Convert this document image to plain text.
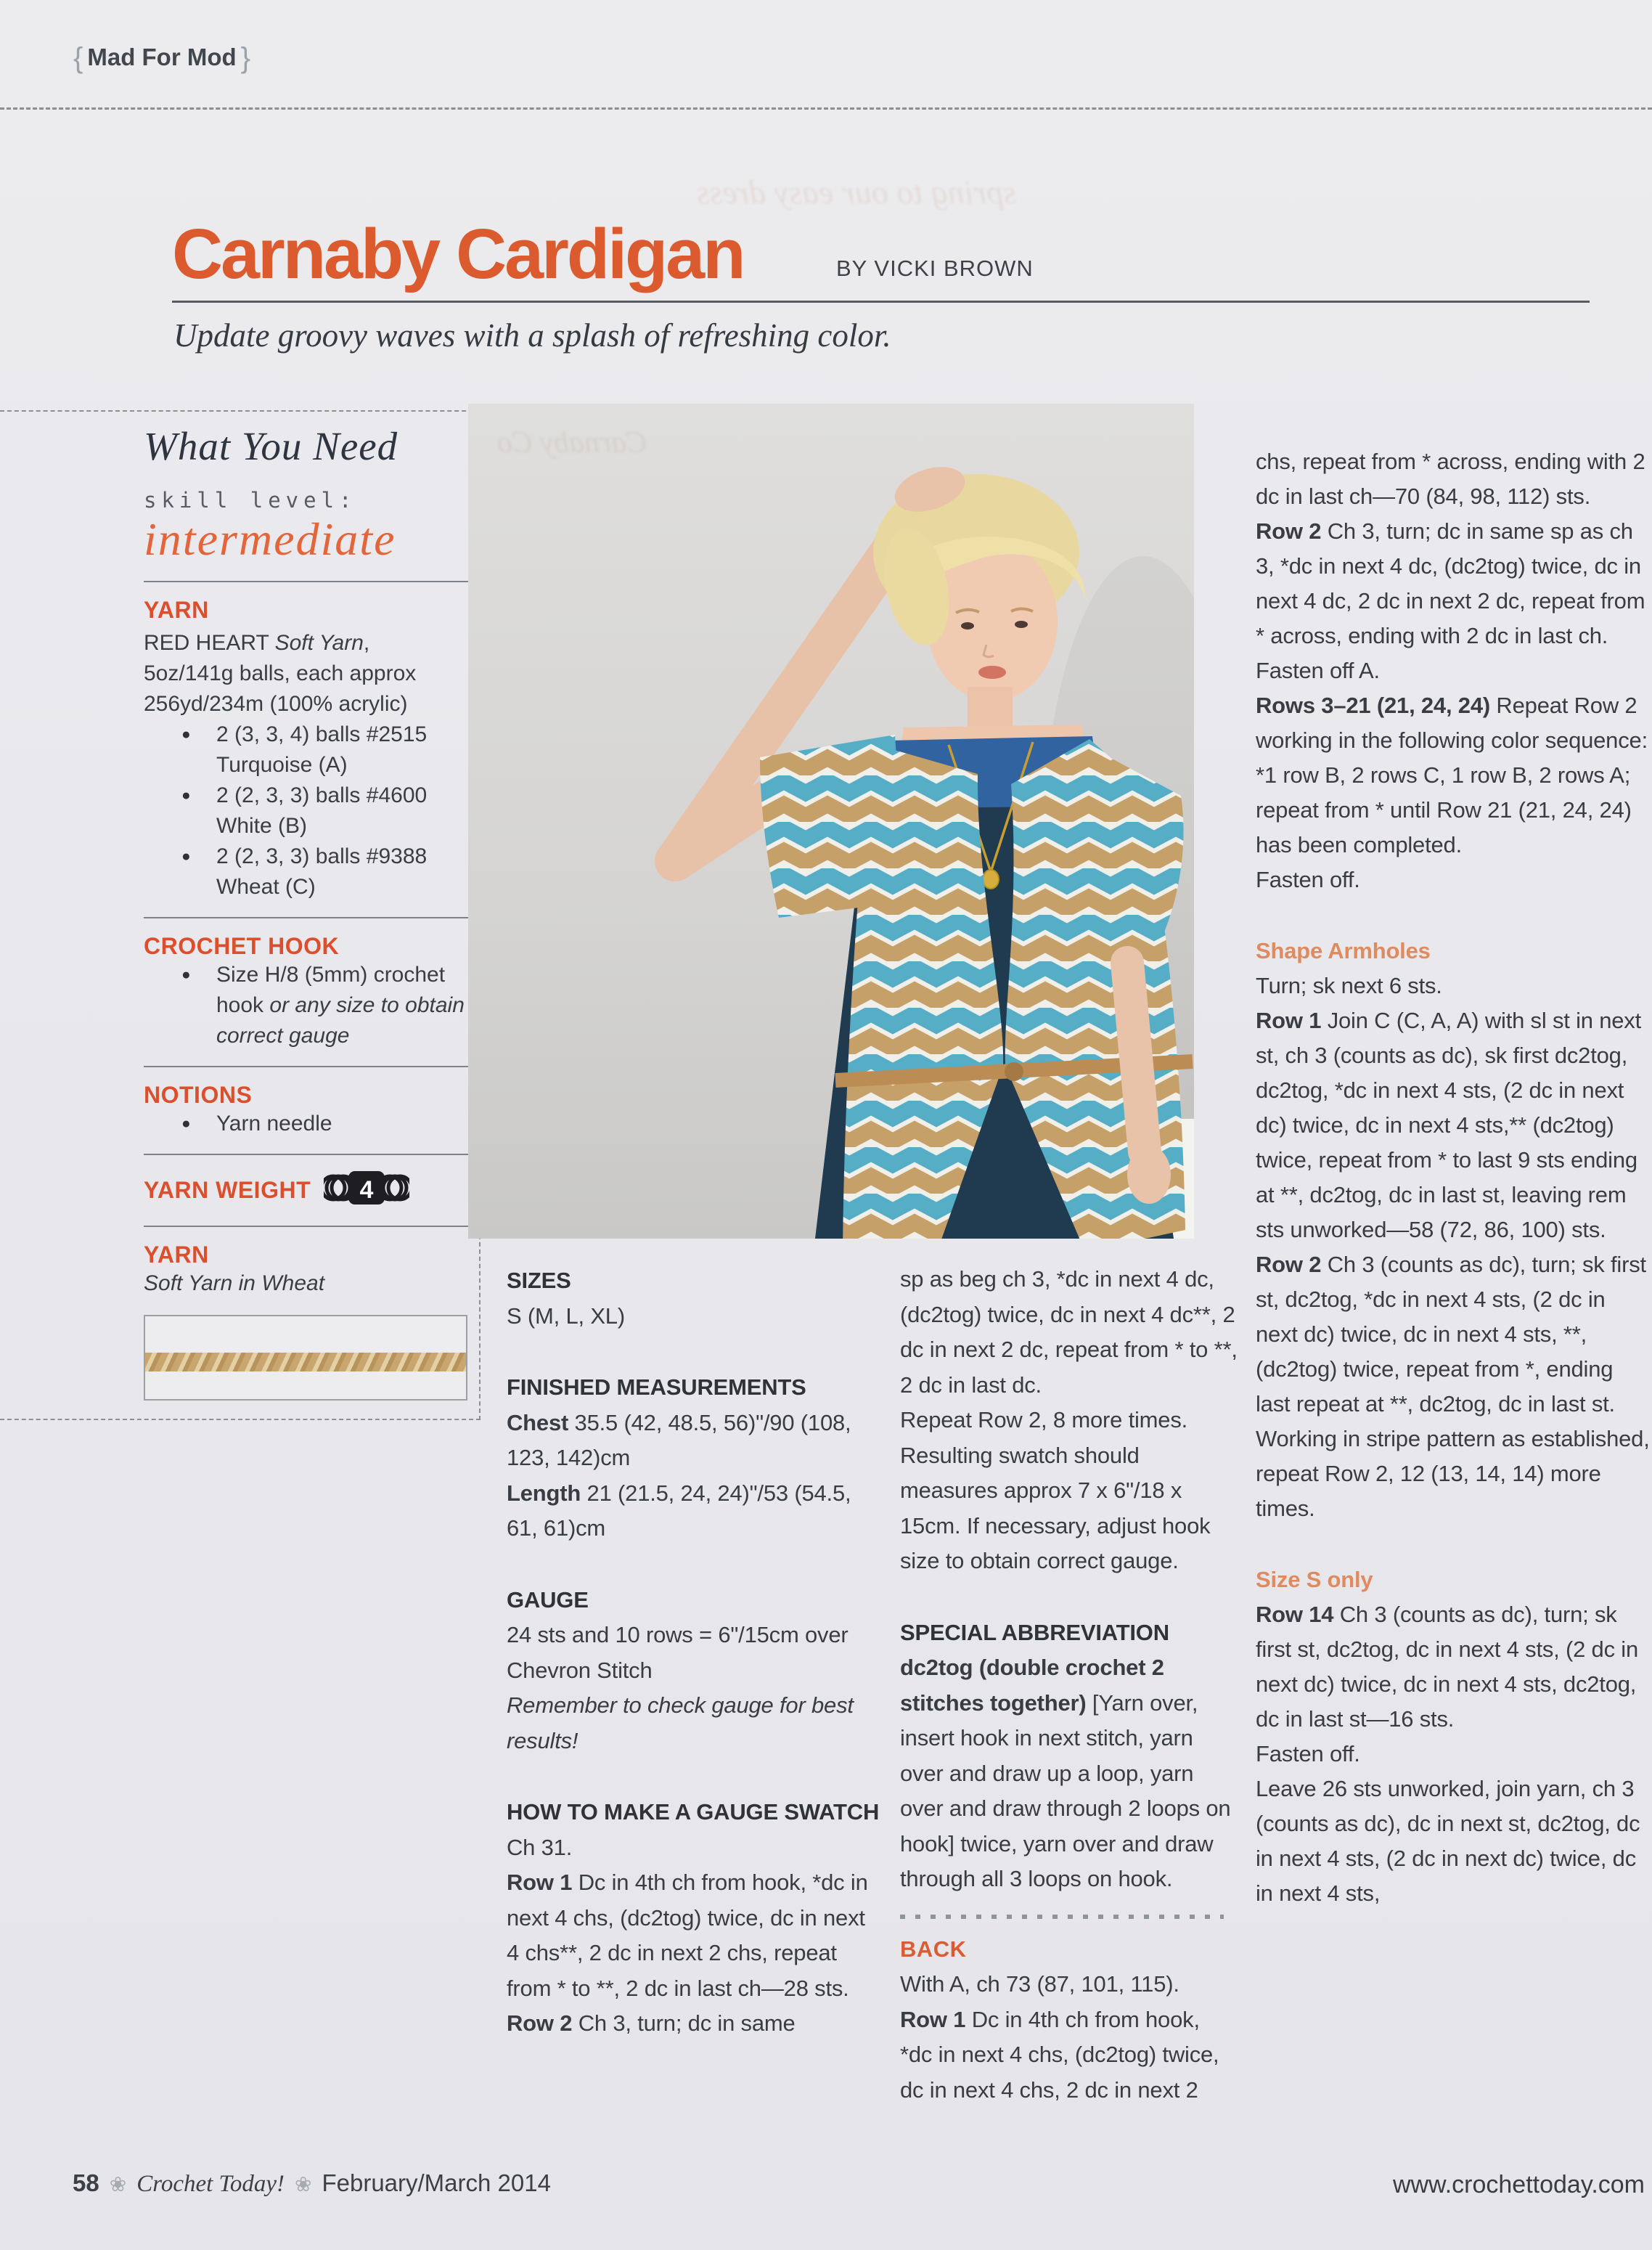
{ Mad For Mod }
spring to our easy dress
Carnaby Cardigan	BY VICKI BROWN
Update groovy waves with a splash of refreshing color.
What You Need
skill level:
intermediate
YARN

RED HEART Soft Yarn,

5oz/141g balls, each approx

256yd/234m (100% acrylic)

● 2 (3, 3, 4) balls #2515 Turquoise (A)
● 2 (2, 3, 3) balls #4600 White (B)
● 2 (2, 3, 3) balls #9388 Wheat (C)
CROCHET HOOK
● Size H/8 (5mm) crochet hook or any size to obtain correct gauge
NOTIONS
● Yarn needle
YARN WEIGHT 4
YARN

Soft Yarn in Wheat	SIZES

S (M, L, XL)

FINISHED MEASUREMENTS

Chest 35.5 (42, 48.5, 56)"/90 (108, 123, 142)cm

Length 21 (21.5, 24, 24)"/53 (54.5, 61, 61)cm

GAUGE

24 sts and 10 rows = 6"/15cm over Chevron Stitch

Remember to check gauge for best results!

HOW TO MAKE A GAUGE SWATCH

Ch 31.

Row 1 Dc in 4th ch from hook, *dc in next 4 chs, (dc2tog) twice, dc in next 4 chs**, 2 dc in next 2 chs, repeat from * to **, 2 dc in last ch—28 sts.

Row 2 Ch 3, turn; dc in same

sp as beg ch 3, *dc in next 4 dc, (dc2tog) twice, dc in next 4 dc**, 2 dc in next 2 dc, repeat from * to **, 2 dc in last dc.

Repeat Row 2, 8 more times.

Resulting swatch should measures approx 7 x 6"/18 x 15cm. If necessary, adjust hook size to obtain correct gauge.

SPECIAL ABBREVIATION

dc2tog (double crochet 2 stitches together) [Yarn over, insert hook in next stitch, yarn over and draw up a loop, yarn over and draw through 2 loops on hook] twice, yarn over and draw through all 3 loops on hook.

BACK

With A, ch 73 (87, 101, 115).

Row 1 Dc in 4th ch from hook, *dc in next 4 chs, (dc2tog) twice, dc in next 4 chs, 2 dc in next 2

chs, repeat from * across, ending with 2 dc in last ch—70 (84, 98, 112) sts.

Row 2 Ch 3, turn; dc in same sp as ch 3, *dc in next 4 dc, (dc2tog) twice, dc in next 4 dc, 2 dc in next 2 dc, repeat from * across, ending with 2 dc in last ch.

Fasten off A.

Rows 3–21 (21, 24, 24) Repeat Row 2 working in the following color sequence: *1 row B, 2 rows C, 1 row B, 2 rows A; repeat from * until Row 21 (21, 24, 24) has been completed.

Fasten off.

Shape Armholes

Turn; sk next 6 sts.

Row 1 Join C (C, A, A) with sl st in next st, ch 3 (counts as dc), sk first dc2tog, dc2tog, *dc in next 4 sts, (2 dc in next dc) twice, dc in next 4 sts,** (dc2tog) twice, repeat from * to last 9 sts ending at **, dc2tog, dc in last st, leaving rem sts unworked—58 (72, 86, 100) sts.

Row 2 Ch 3 (counts as dc), turn; sk first st, dc2tog, *dc in next 4 sts, (2 dc in next dc) twice, dc in next 4 sts, **, (dc2tog) twice, repeat from *, ending last repeat at **, dc2tog, dc in last st.

Working in stripe pattern as established, repeat Row 2, 12 (13, 14, 14) more times.

Size S only

Row 14 Ch 3 (counts as dc), turn; sk first st, dc2tog, dc in next 4 sts, (2 dc in next dc) twice, dc in next 4 sts, dc2tog, dc in last st—16 sts.

Fasten off.

Leave 26 sts unworked, join yarn, ch 3 (counts as dc), dc in next st, dc2tog, dc in next 4 sts, (2 dc in next dc) twice, dc in next 4 sts,

58 ❀ Crochet Today! ❀ February/March 2014	www.crochettoday.com
